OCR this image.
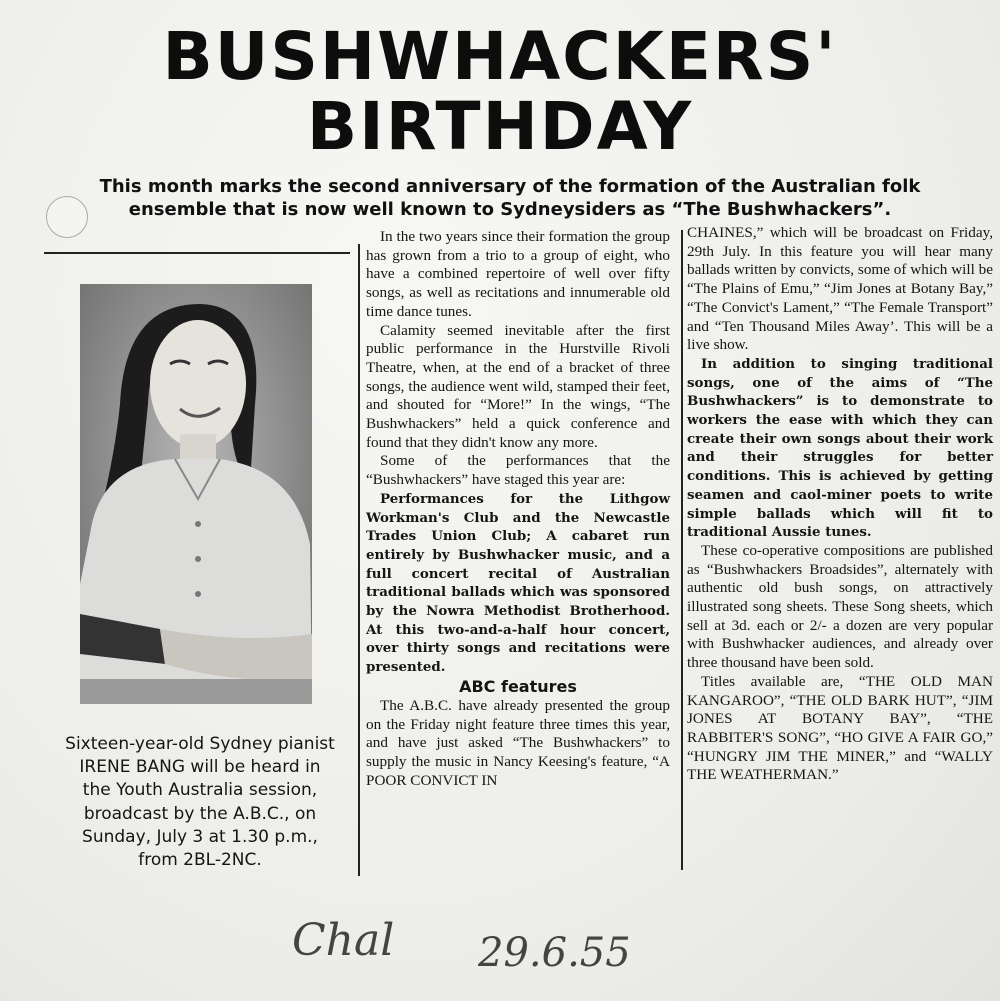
BUSHWHACKERS'
BIRTHDAY
This month marks the second anniversary of the formation of the Australian folk
ensemble that is now well known to Sydneysiders as “The Bushwhackers”.
Sixteen-year-old Sydney pianist
IRENE BANG will be heard in
the Youth Australia session,
broadcast by the A.B.C., on
Sunday, July 3 at 1.30 p.m.,
from 2BL-2NC.

In the two years since their formation the group has grown from a trio to a group of eight, who have a combined repertoire of well over fifty songs, as well as recitations and innumerable old time dance tunes.

Calamity seemed inevitable after the first public performance in the Hurstville Rivoli Theatre, when, at the end of a bracket of three songs, the audience went wild, stamped their feet, and shouted for “More!” In the wings, “The Bushwhackers” held a quick conference and found that they didn't know any more.

Some of the performances that the “Bushwhackers” have staged this year are:

Performances for the Lithgow Workman's Club and the Newcastle Trades Union Club; A cabaret run entirely by Bushwhacker music, and a full concert recital of Australian traditional ballads which was sponsored by the Nowra Methodist Brotherhood. At this two-and-a-half hour concert, over thirty songs and recitations were presented.

ABC features

The A.B.C. have already presented the group on the Friday night feature three times this year, and have just asked “The Bushwhackers” to supply the music in Nancy Keesing's feature, “A POOR CONVICT IN

CHAINES,” which will be broadcast on Friday, 29th July. In this feature you will hear many ballads written by convicts, some of which will be “The Plains of Emu,” “Jim Jones at Botany Bay,” “The Convict's Lament,” “The Female Transport” and “Ten Thousand Miles Away’. This will be a live show.

In addition to singing traditional songs, one of the aims of “The Bushwhackers” is to demonstrate to workers the ease with which they can create their own songs about their work and their struggles for better conditions. This is achieved by getting seamen and caol-miner poets to write simple ballads which will fit to traditional Aussie tunes.

These co-operative compositions are published as “Bushwhackers Broadsides”, alternately with authentic old bush songs, on attractively illustrated song sheets. These Song sheets, which sell at 3d. each or 2/- a dozen are very popular with Bushwhacker audiences, and already over three thousand have been sold.

Titles available are, “THE OLD MAN KANGAROO”, “THE OLD BARK HUT”, “JIM JONES AT BOTANY BAY”, “THE RABBITER'S SONG”, “HO GIVE A FAIR GO,” “HUNGRY JIM THE MINER,” and “WALLY THE WEATHERMAN.”

Chal 29.6.55
